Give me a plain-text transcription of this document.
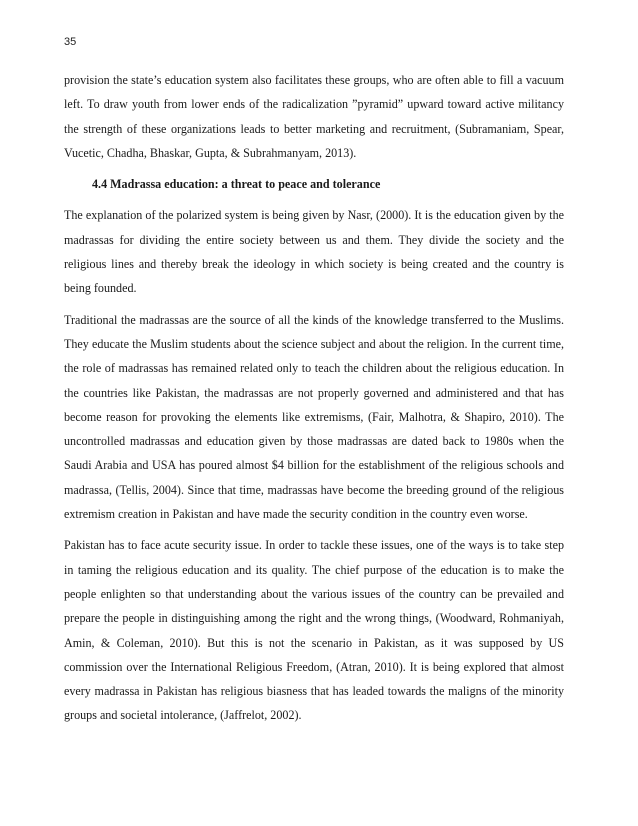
35

provision the state’s education system also facilitates these groups, who are often able to fill a vacuum left. To draw youth from lower ends of the radicalization ”pyramid” upward toward active militancy the strength of these organizations leads to better marketing and recruitment, (Subramaniam, Spear, Vucetic, Chadha, Bhaskar, Gupta, & Subrahmanyam, 2013).

4.4 Madrassa education: a threat to peace and tolerance

The explanation of the polarized system is being given by Nasr, (2000). It is the education given by the madrassas for dividing the entire society between us and them. They divide the society and the religious lines and thereby break the ideology in which society is being created and the country is being founded.

Traditional the madrassas are the source of all the kinds of the knowledge transferred to the Muslims. They educate the Muslim students about the science subject and about the religion. In the current time, the role of madrassas has remained related only to teach the children about the religious education. In the countries like Pakistan, the madrassas are not properly governed and administered and that has become reason for provoking the elements like extremisms, (Fair, Malhotra, & Shapiro, 2010). The uncontrolled madrassas and education given by those madrassas are dated back to 1980s when the Saudi Arabia and USA has poured almost $4 billion for the establishment of the religious schools and madrassa, (Tellis, 2004). Since that time, madrassas have become the breeding ground of the religious extremism creation in Pakistan and have made the security condition in the country even worse.

Pakistan has to face acute security issue. In order to tackle these issues, one of the ways is to take step in taming the religious education and its quality. The chief purpose of the education is to make the people enlighten so that understanding about the various issues of the country can be prevailed and prepare the people in distinguishing among the right and the wrong things, (Woodward, Rohmaniyah, Amin, & Coleman, 2010). But this is not the scenario in Pakistan, as it was supposed by US commission over the International Religious Freedom, (Atran, 2010). It is being explored that almost every madrassa in Pakistan has religious biasness that has leaded towards the maligns of the minority groups and societal intolerance, (Jaffrelot, 2002).
